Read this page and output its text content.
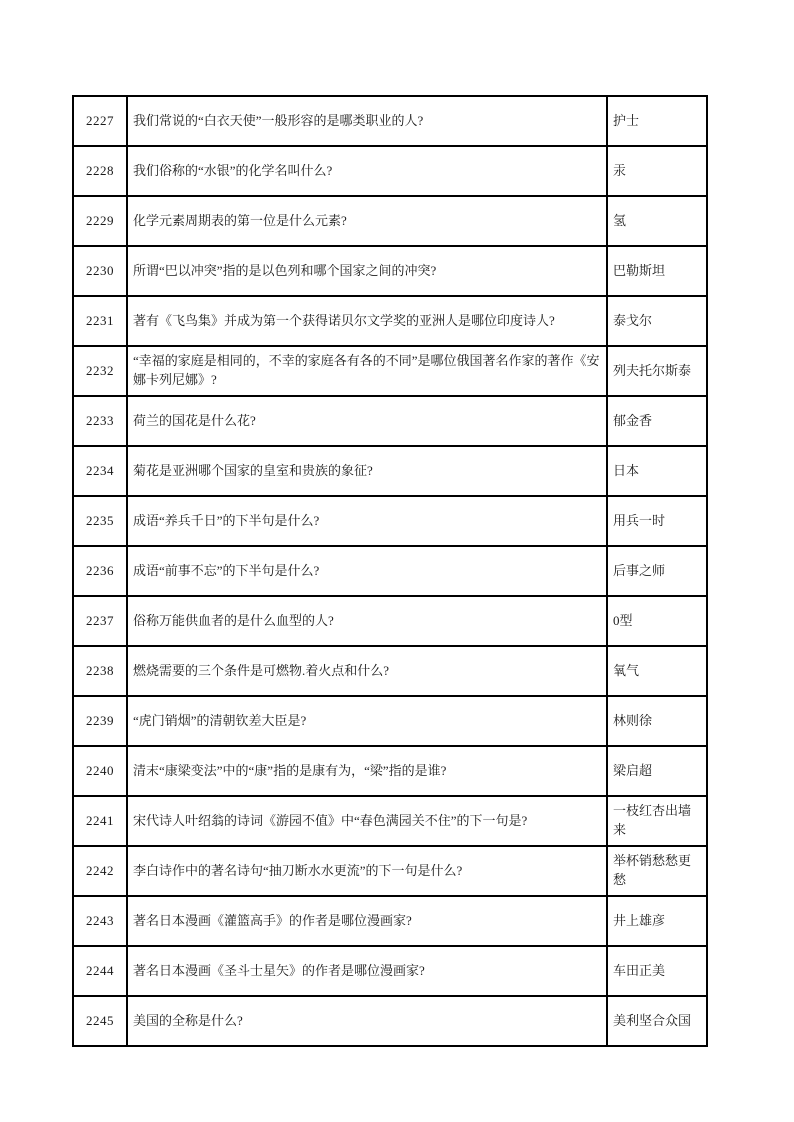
2227	我们常说的“白衣天使”一般形容的是哪类职业的人?	护士
2228	我们俗称的“水银”的化学名叫什么?	汞
2229	化学元素周期表的第一位是什么元素?	氢
2230	所谓“巴以冲突”指的是以色列和哪个国家之间的冲突?	巴勒斯坦
2231	著有《飞鸟集》并成为第一个获得诺贝尔文学奖的亚洲人是哪位印度诗人?	泰戈尔
2232	“幸福的家庭是相同的，不幸的家庭各有各的不同”是哪位俄国著名作家的著作《安娜卡列尼娜》?	列夫托尔斯泰
2233	荷兰的国花是什么花?	郁金香
2234	菊花是亚洲哪个国家的皇室和贵族的象征?	日本
2235	成语“养兵千日”的下半句是什么?	用兵一时
2236	成语“前事不忘”的下半句是什么?	后事之师
2237	俗称万能供血者的是什么血型的人?	0型
2238	燃烧需要的三个条件是可燃物.着火点和什么?	氧气
2239	“虎门销烟”的清朝钦差大臣是?	林则徐
2240	清末“康梁变法”中的“康”指的是康有为，“梁”指的是谁?	梁启超
2241	宋代诗人叶绍翁的诗词《游园不值》中“春色满园关不住”的下一句是?	一枝红杏出墙来
2242	李白诗作中的著名诗句“抽刀断水水更流”的下一句是什么?	举杯销愁愁更愁
2243	著名日本漫画《灌篮高手》的作者是哪位漫画家?	井上雄彦
2244	著名日本漫画《圣斗士星矢》的作者是哪位漫画家?	车田正美
2245	美国的全称是什么?	美利坚合众国
